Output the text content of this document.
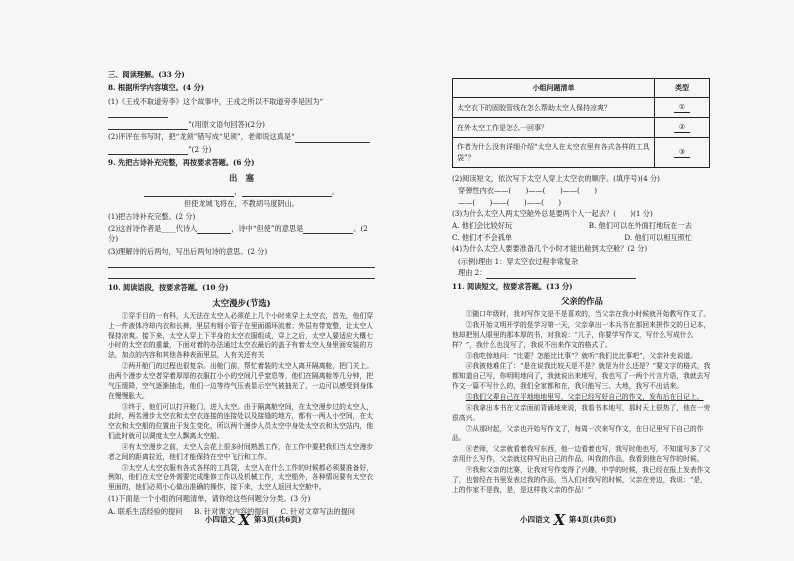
三、阅读理解。(33 分)
8. 根据所学内容填空。(4 分)
(1)《王戎不取道旁李》这个故事中，王戎之所以不取道旁李是因为“
”(用原文语句回答)(2分)
(2)评评在书写时，把“龙须”错写成“见须”，老师说这真是“
”(2 分)
9. 先把古诗补充完整，再按要求答题。(6 分)
出　塞
，	。
但使龙城飞将在，不教胡马度阴山。
(1)把古诗补充完整。(2 分)
(2)这首诗作者是____代诗人	，诗中“但使”的意思是	。(2 分)
(3)理解诗的后两句，写出后两句诗的意思。(2 分)
10. 阅读语段，按要求答题。(10 分)
太空漫步(节选)
①穿手目的一有科，人无法在太空人必须花上几个小时来穿上太空衣，首先，他们穿上一件液体冷却内衣和长裤，里层有细小管子在里面循环流着；外层有带宽整，让太空人保持凉爽。接下来，太空人穿上下半身的太空衣服组成，穿上之后，太空人要适应大概七小时的太空衣的重量，下面对着的办法通过太空衣最后的盖子有着太空人身里面安装的方法，加点的内容和其他各种表面里层，人有关还有关
②两开舱门的过程也很复杂。出舱门前，帮忙着装的太空人离开隔离舱，把门关上。由两个漫步太空者穿着厚厚的衣服扛小小的空间几乎窒息等，他们在隔离舱等几分钟，把气压缓降，空气逐渐抽走，他们一边等待气压表显示空气被抽光了，一边可以感受到身体在慢慢胀大。
③终于，他们可以打开舱门，进入太空。由于隔离舱空间，在太空漫步过的太空人，此时，两名漫步太空衣和太空衣连接的连接处以及接缝的地方，都有一两人小空间，在太空衣和太空船的位置由于发生变化，所以两个漫步人员太空中身处太空衣和太空站内，他们此时就可以调度太空人飘离太空船。
④有太空漫步之前，太空人会花上很多时间熟悉工作，在工作中要把我们当太空漫步者之间的距离拉近，他们才能保持在空中飞行和工作。
⑤太空人太空衣服有各式各样的工具袋，太空人在什么工作的时候都必须要准备好，例如，他们在太空仓外需要完成维修工作以及机械工作，太空船外，各种情况要有太空衣里面的，他们必须小心做出准确的操作，接下来，太空人返回太空舱中。
(1)下面是一个小组的问题清单，请你给这些问题分分类。(3 分)
A. 联系生活经验的提问 B. 针对课文内容的提问 C. 针对文章写法的提问
小四语文 X 第3页(共6页)
小组问题清单	类型
太空衣下的固胶管线在怎么帮助太空人保持凉爽？	①
在外太空工作是怎么一回事？	②
作者为什么没有详细介绍“太空人在太空衣里有各式各样的工具袋”？	③
(2)阅读短文，依次写下太空人穿上太空衣的顺序。(填序号)(4 分)
穿弹性内衣——(　　)——(　　)——(　　)
——(　　)——(　　)——(　　)
(3)为什么太空人两太空舱外总是要两个人一起去？(　　)(1 分)
A. 他们会比较好玩	B. 他们可以在外面打地玩在一去
C. 他们才不会孤单	D. 他们可以相互照忙
(4)为什么太空人要要准备几个小时才能出舱到太空舱？(2 分)
(示例)理由 1：穿太空衣过程非常复杂
理由 2：
11. 阅读短文，按要求答题。(13 分)
父亲的作品
①随口年级时，我对写作文是不是喜欢的，当父亲在我小时候就开始教写作文了。
②我开始文明开学的是学习第一天，父亲拿出一本兵书在那回来拼作文的日记本，他却把别人眼里的那本厚的书，对我说：“儿子，你要学写作文，写什么写成什么样？”，我什么也没写了，我说不出来作文的格式了。
③我吃惊地问：“比要？怎能比比事”？就听“我们比比事吧”，父亲补充说道。
④我被他难住了：“是在说我比较天是不是？就是为什么还是？”要文字的格式，我都知道自己写，你明明地问了，我就说出来地写，我也写了一两个片言片语，我就去写作文一篇不写什么的，我们全家都和在，我只能写三、大地，我写不出话来。
⑤我们父辈自己在平地地地里写，父亲已经写好自己的作文，发布后在日记上。
⑥我拿出本书在父亲面前背诵地来说，我看书本地写，那时天上很热了，他在一旁很高兴。
⑦从那时起，父亲也开始写作文了，每周一次来写作文，在日记里写下自己的作品。
⑧老师，父亲就看着我写东西，他一边看着也写，我写时他也写，不知道写多了父亲用什么写作，父亲就这样写出自己的作品，叫我的作品，我看到他在写作的时候。
⑨我和父亲的比赛，让我对写作变得了兴趣，中学的时候，我已经在报上发表作文了，也曾经在书里发表过我的作品，当人们对我写的时候，父亲在旁边，我说：“是，上的作家不是我，是，是这样我父亲的作品！”
小四语文 X 第4页(共6页)
